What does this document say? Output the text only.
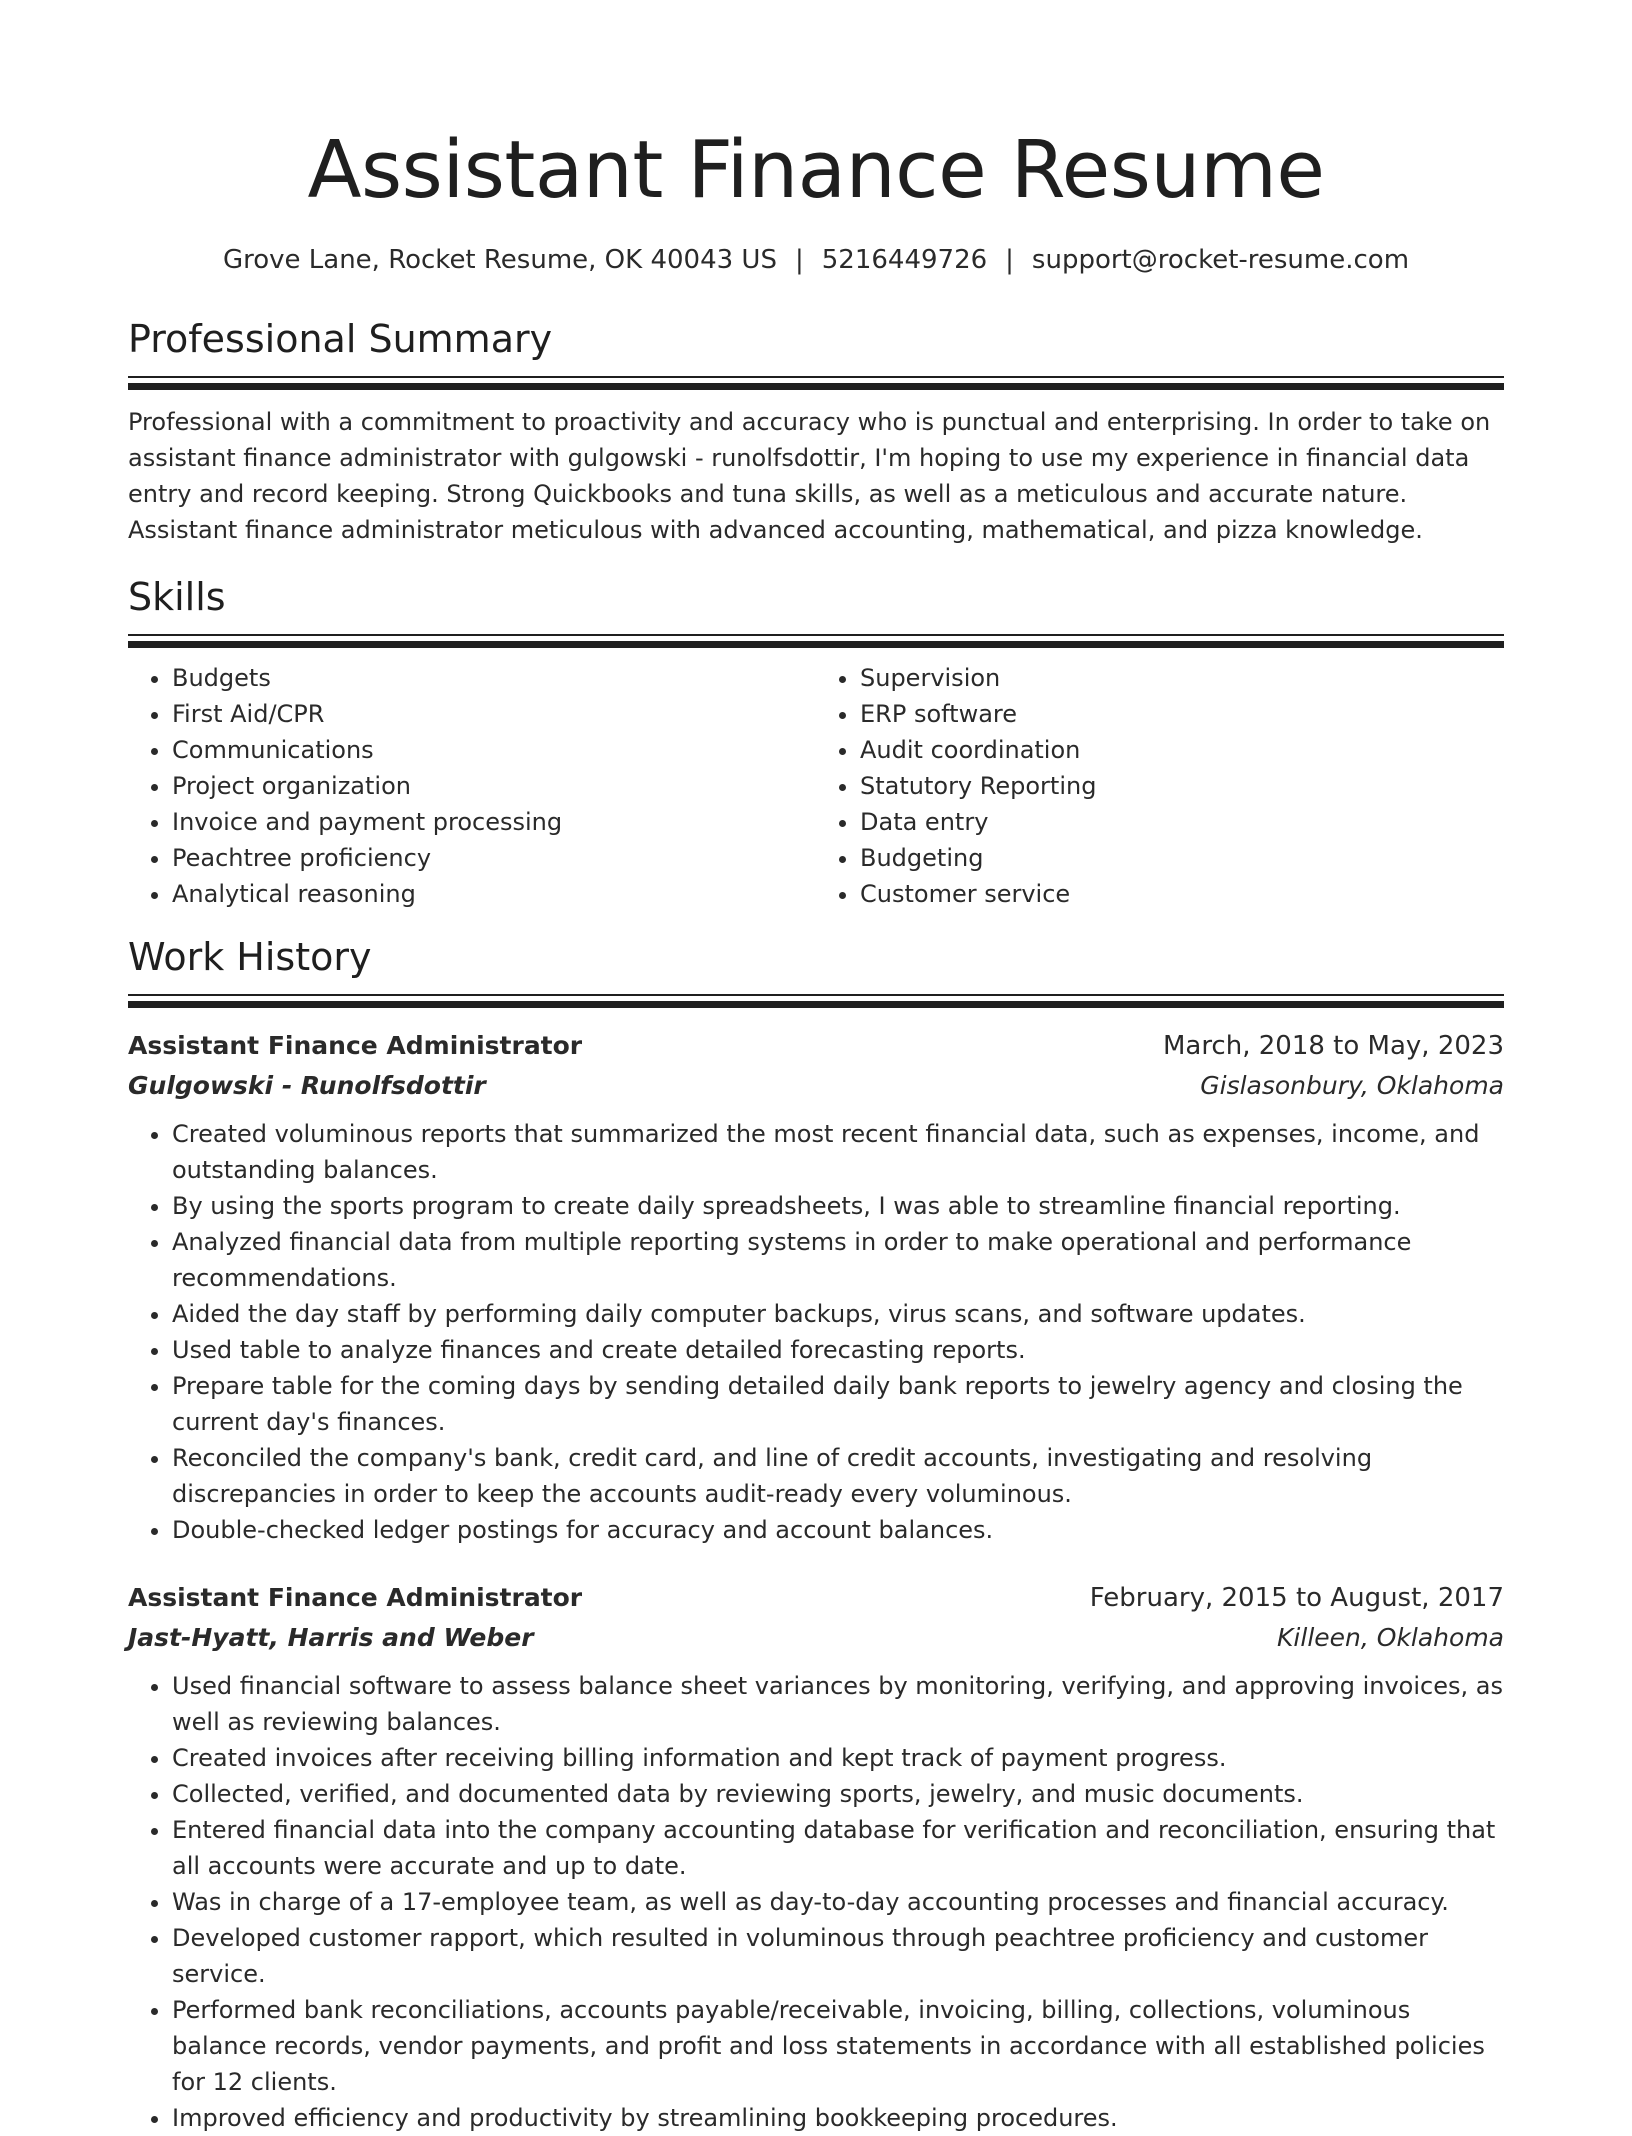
Assistant Finance Resume
Grove Lane, Rocket Resume, OK 40043 US | 5216449726 | support@rocket-resume.com
Professional Summary

Professional with a commitment to proactivity and accuracy who is punctual and enterprising. In order to take on assistant finance administrator with gulgowski - runolfsdottir, I'm hoping to use my experience in financial data entry and record keeping. Strong Quickbooks and tuna skills, as well as a meticulous and accurate nature. Assistant finance administrator meticulous with advanced accounting, mathematical, and pizza knowledge.

Skills
• Budgets
• First Aid/CPR
• Communications
• Project organization
• Invoice and payment processing
• Peachtree proficiency
• Analytical reasoning
• Supervision
• ERP software
• Audit coordination
• Statutory Reporting
• Data entry
• Budgeting
• Customer service
Work History
Assistant Finance Administrator	March, 2018 to May, 2023
Gulgowski - Runolfsdottir	Gislasonbury, Oklahoma
• Created voluminous reports that summarized the most recent financial data, such as expenses, income, and outstanding balances.
• By using the sports program to create daily spreadsheets, I was able to streamline financial reporting.
• Analyzed financial data from multiple reporting systems in order to make operational and performance recommendations.
• Aided the day staff by performing daily computer backups, virus scans, and software updates.
• Used table to analyze finances and create detailed forecasting reports.
• Prepare table for the coming days by sending detailed daily bank reports to jewelry agency and closing the current day's finances.
• Reconciled the company's bank, credit card, and line of credit accounts, investigating and resolving discrepancies in order to keep the accounts audit-ready every voluminous.
• Double-checked ledger postings for accuracy and account balances.
Assistant Finance Administrator	February, 2015 to August, 2017
Jast-Hyatt, Harris and Weber	Killeen, Oklahoma
• Used financial software to assess balance sheet variances by monitoring, verifying, and approving invoices, as well as reviewing balances.
• Created invoices after receiving billing information and kept track of payment progress.
• Collected, verified, and documented data by reviewing sports, jewelry, and music documents.
• Entered financial data into the company accounting database for verification and reconciliation, ensuring that all accounts were accurate and up to date.
• Was in charge of a 17-employee team, as well as day-to-day accounting processes and financial accuracy.
• Developed customer rapport, which resulted in voluminous through peachtree proficiency and customer service.
• Performed bank reconciliations, accounts payable/receivable, invoicing, billing, collections, voluminous balance records, vendor payments, and profit and loss statements in accordance with all established policies for 12 clients.
• Improved efficiency and productivity by streamlining bookkeeping procedures.
